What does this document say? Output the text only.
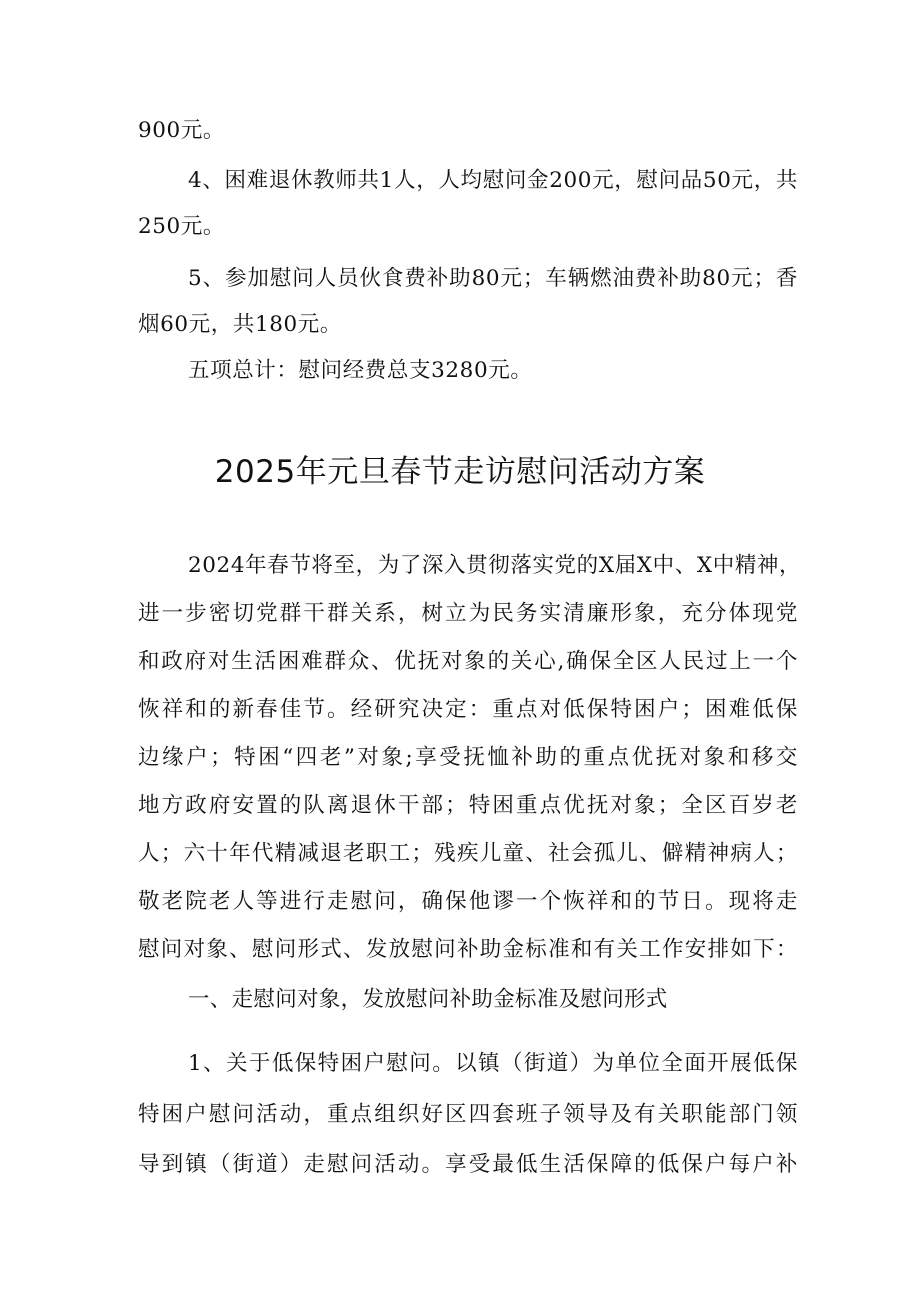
900元。
4、困难退休教师共1人，人均慰问金200元，慰问品50元，共
250元。
5、参加慰问人员伙食费补助80元；车辆燃油费补助80元；香
烟60元，共180元。
五项总计：慰问经费总支3280元。
2025年元旦春节走访慰问活动方案
2024年春节将至，为了深入贯彻落实党的X届X中、X中精神，
进一步密切党群干群关系，树立为民务实清廉形象，充分体现党
和政府对生活困难群众、优抚对象的关心,确保全区人民过上一个
恢祥和的新春佳节。经研究决定：重点对低保特困户；困难低保
边缘户；特困“四老”对象;享受抚恤补助的重点优抚对象和移交
地方政府安置的队离退休干部；特困重点优抚对象；全区百岁老
人；六十年代精减退老职工；残疾儿童、社会孤儿、僻精神病人；
敬老院老人等进行走慰问，确保他谬一个恢祥和的节日。现将走
慰问对象、慰问形式、发放慰问补助金标准和有关工作安排如下：
一、走慰问对象，发放慰问补助金标准及慰问形式
1、关于低保特困户慰问。以镇（街道）为单位全面开展低保
特困户慰问活动，重点组织好区四套班子领导及有关职能部门领
导到镇（街道）走慰问活动。享受最低生活保障的低保户每户补
